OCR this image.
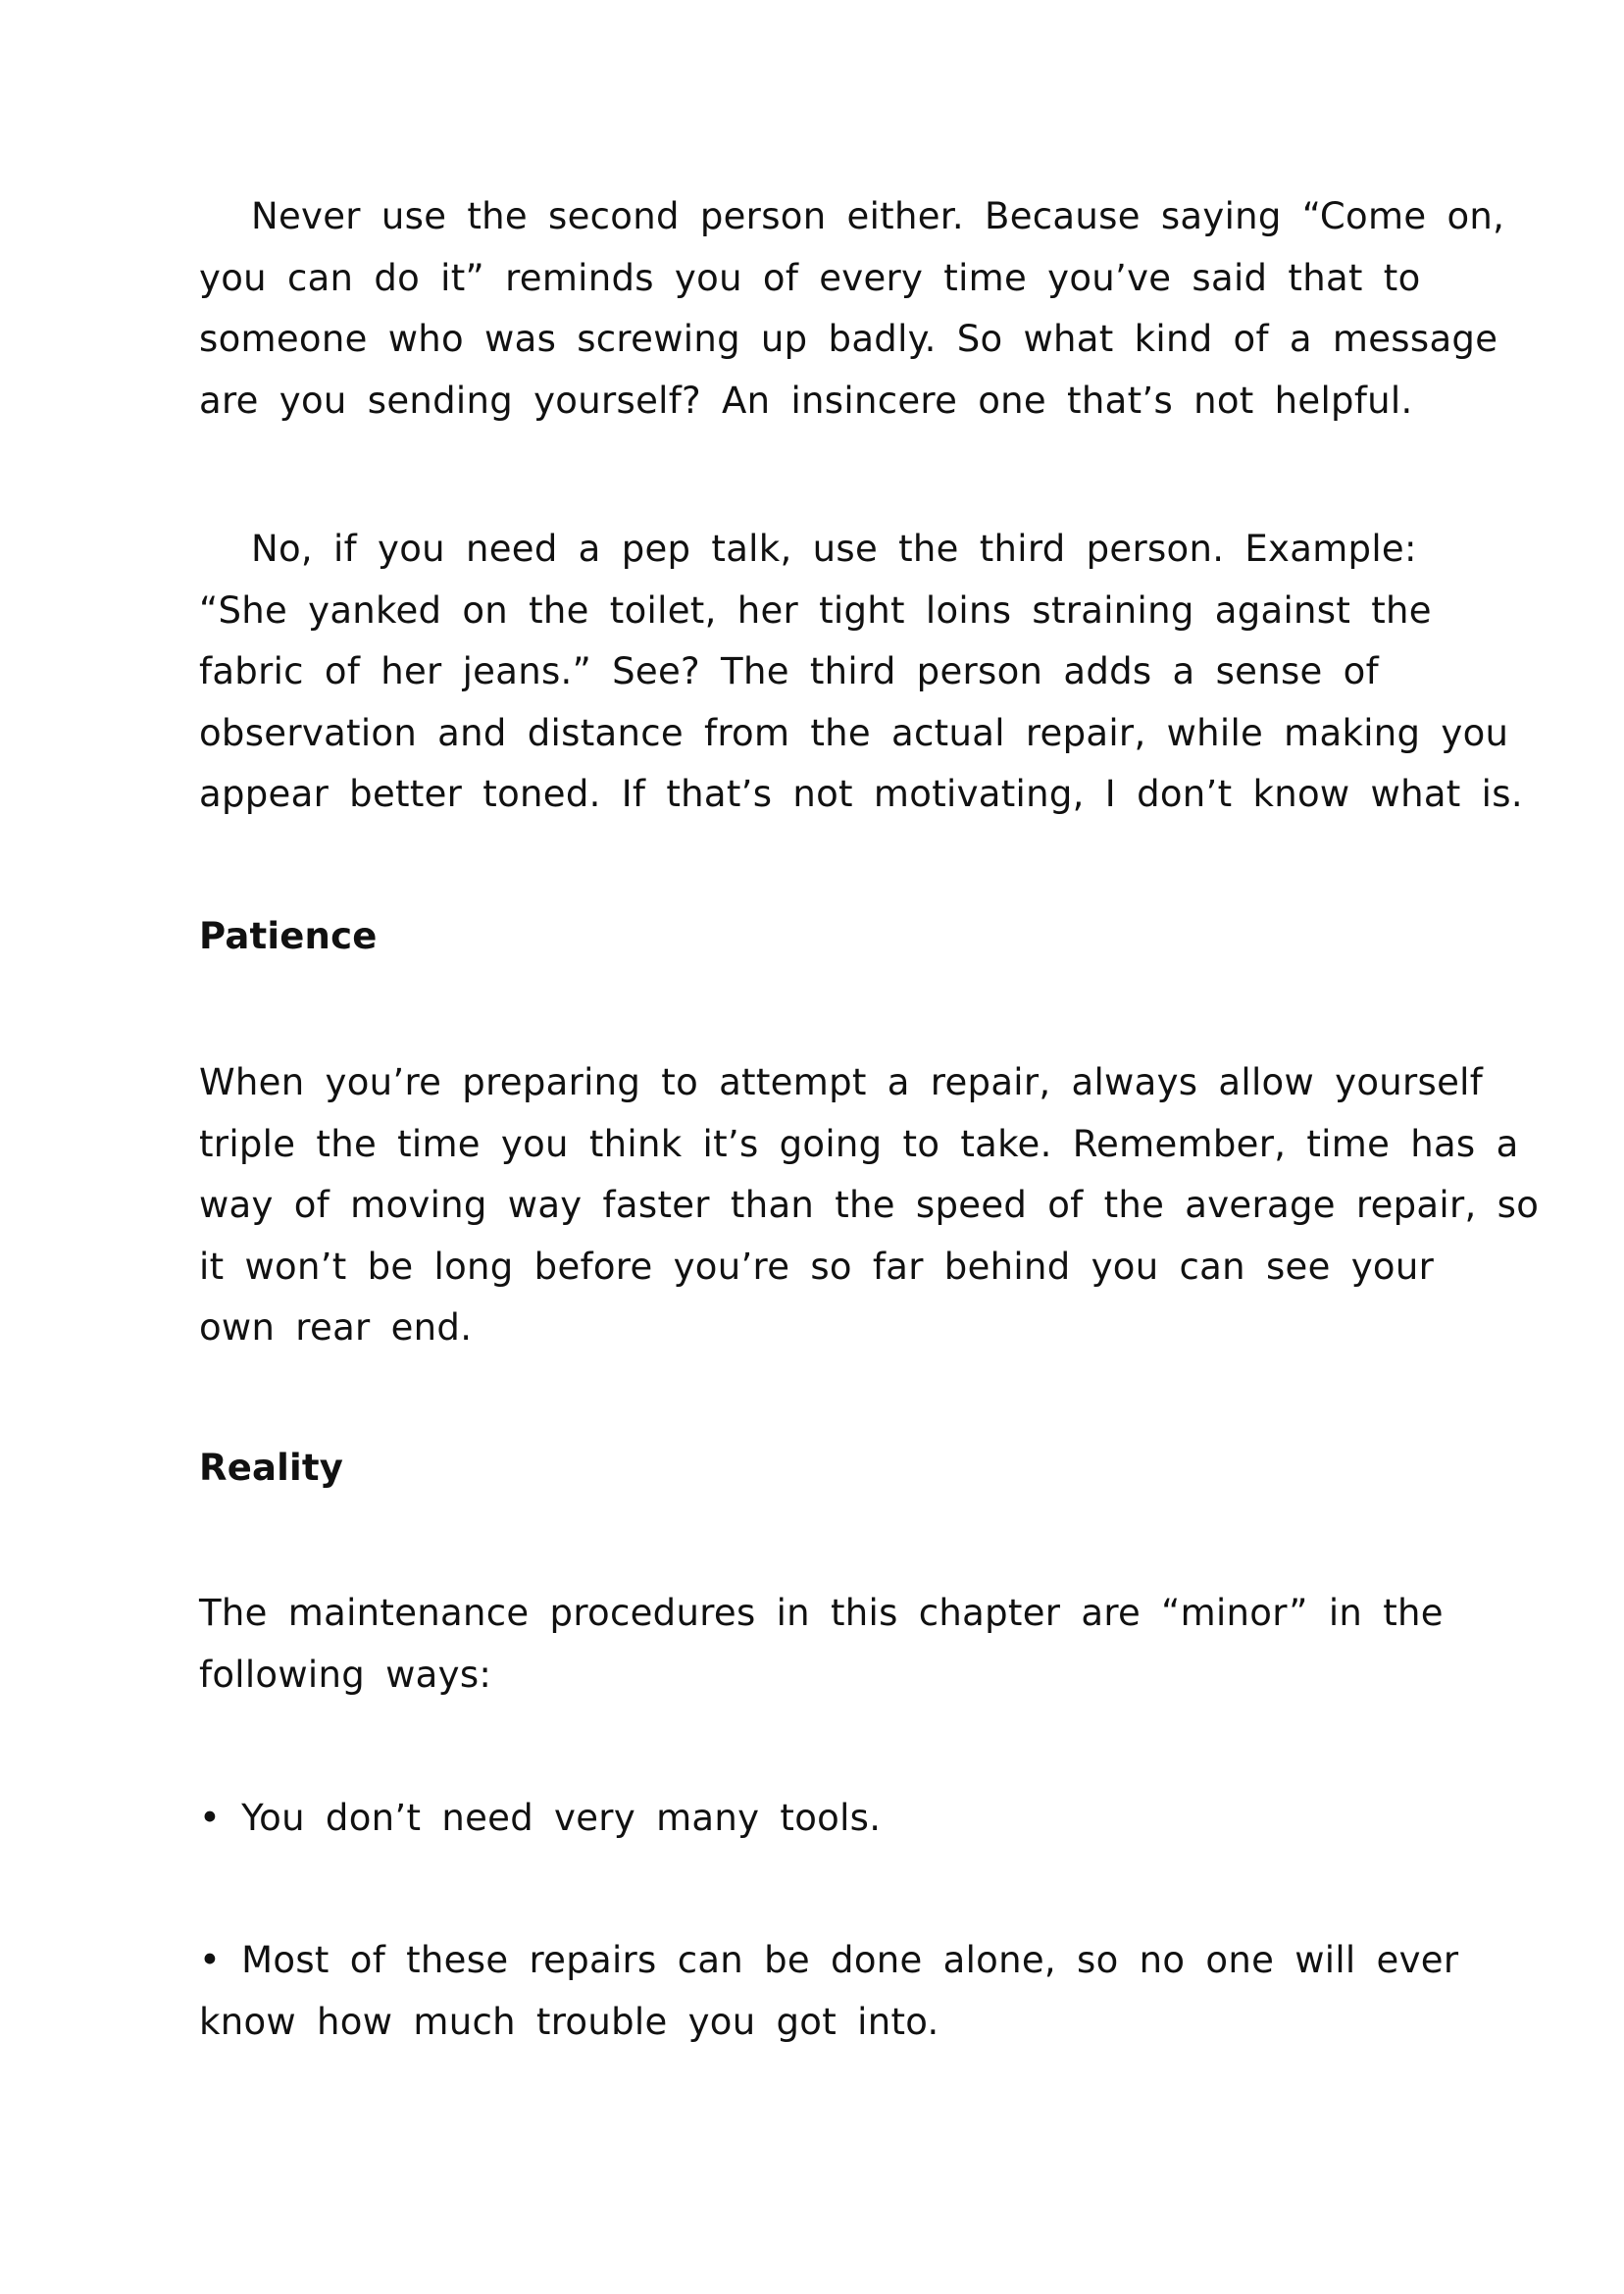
Never use the second person either. Because saying “Come on,
you can do it” reminds you of every time you’ve said that to
someone who was screwing up badly. So what kind of a message
are you sending yourself? An insincere one that’s not helpful.

No, if you need a pep talk, use the third person. Example:
“She yanked on the toilet, her tight loins straining against the
fabric of her jeans.” See? The third person adds a sense of
observation and distance from the actual repair, while making you
appear better toned. If that’s not motivating, I don’t know what is.

Patience

When you’re preparing to attempt a repair, always allow yourself
triple the time you think it’s going to take. Remember, time has a
way of moving way faster than the speed of the average repair, so
it won’t be long before you’re so far behind you can see your
own rear end.

Reality

The maintenance procedures in this chapter are “minor” in the
following ways:

• You don’t need very many tools.

• Most of these repairs can be done alone, so no one will ever
know how much trouble you got into.
